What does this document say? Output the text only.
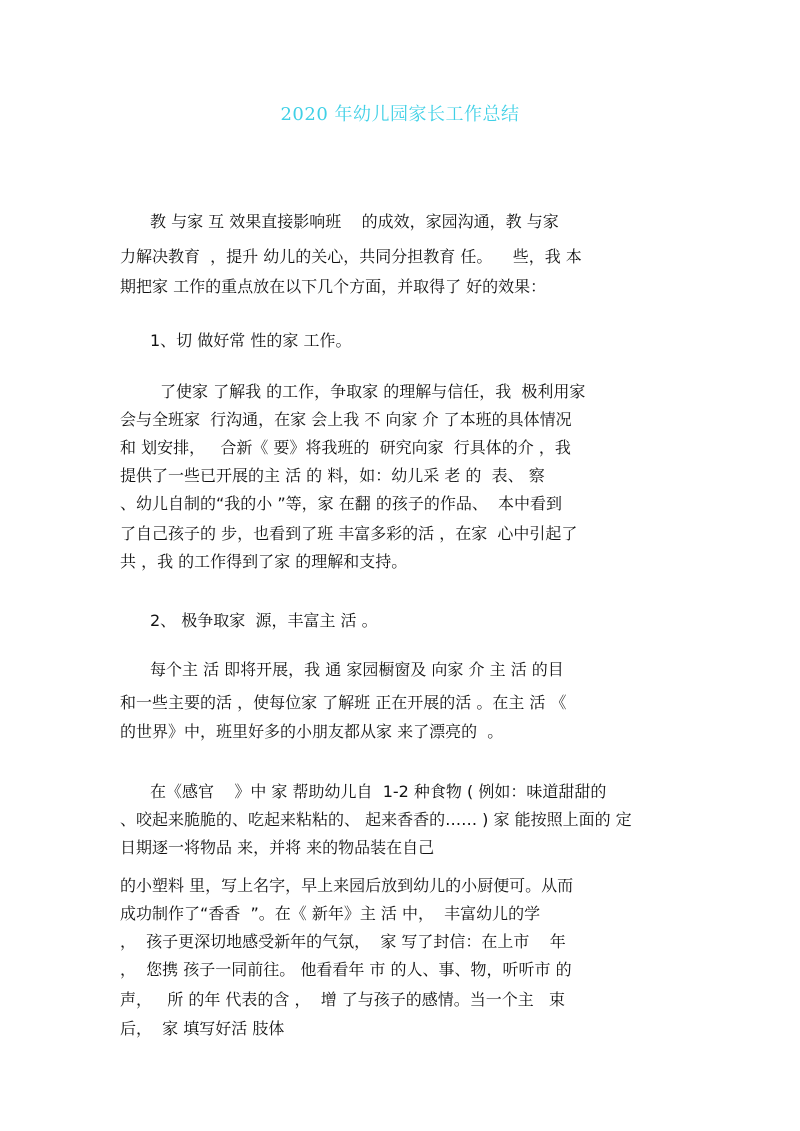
2020 年幼儿园家长工作总结
教 与家 互 效果直接影响班    的成效，家园沟通，教 与家
力解决教育  ，提升 幼儿的关心，共同分担教育 任。    些，我 本
期把家 工作的重点放在以下几个方面，并取得了 好的效果：
1、切 做好常 性的家 工作。
了使家 了解我 的工作，争取家 的理解与信任，我  极利用家
会与全班家  行沟通，在家 会上我 不 向家 介 了本班的具体情况
和 划安排，   合新《 要》将我班的  研究向家  行具体的介 ，我
提供了一些已开展的主 活 的 料，如：幼儿采 老 的  表、 察
、幼儿自制的“我的小 ”等，家 在翻 的孩子的作品、  本中看到
了自己孩子的 步，也看到了班 丰富多彩的活 ，在家  心中引起了
共 ，我 的工作得到了家 的理解和支持。
2、 极争取家  源，丰富主 活 。
每个主 活 即将开展，我 通 家园橱窗及 向家 介 主 活 的目
和一些主要的活 ，使每位家 了解班 正在开展的活 。在主 活 《
的世界》中，班里好多的小朋友都从家 来了漂亮的  。
在《感官    》中 家 帮助幼儿自  1-2 种食物 ( 例如：味道甜甜的
、咬起来脆脆的、吃起来粘粘的、 起来香香的…… ) 家 能按照上面的 定
日期逐一将物品 来，并将 来的物品装在自己
的小塑料 里，写上名字，早上来园后放到幼儿的小厨便可。从而
成功制作了“香香  ”。在《 新年》主 活 中，  丰富幼儿的学
，  孩子更深切地感受新年的气氛，  家 写了封信：在上市    年
，  您携 孩子一同前往。 他看看年 市 的人、事、物，听听市 的
声，   所 的年 代表的含 ，  增 了与孩子的感情。当一个主   束
后，  家 填写好活 肢体
